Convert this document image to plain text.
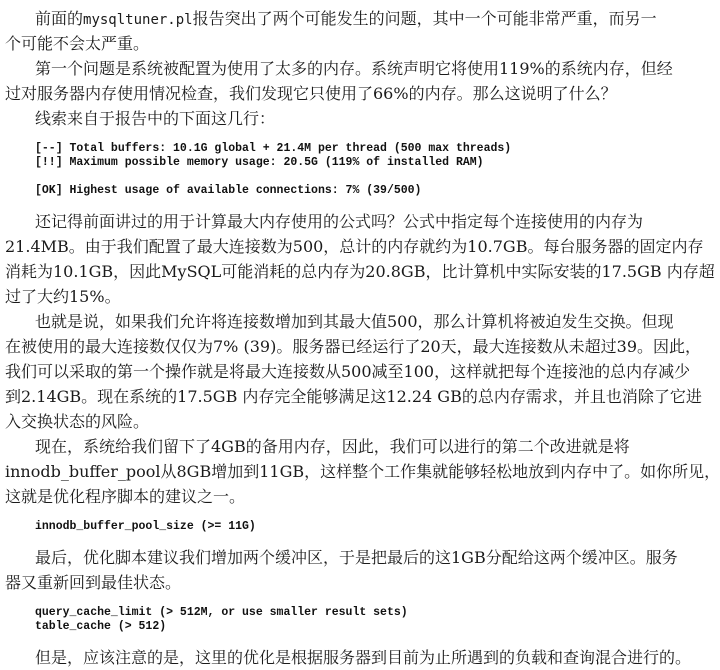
前面的mysqltuner.pl报告突出了两个可能发生的问题，其中一个可能非常严重，而另一
个可能不会太严重。
第一个问题是系统被配置为使用了太多的内存。系统声明它将使用119%的系统内存，但经
过对服务器内存使用情况检查，我们发现它只使用了66%的内存。那么这说明了什么？
线索来自于报告中的下面这几行：
[--] Total buffers: 10.1G global + 21.4M per thread (500 max threads)
[!!] Maximum possible memory usage: 20.5G (119% of installed RAM)
[OK] Highest usage of available connections: 7% (39/500)
还记得前面讲过的用于计算最大内存使用的公式吗？公式中指定每个连接使用的内存为
21.4MB。由于我们配置了最大连接数为500，总计的内存就约为10.7GB。每台服务器的固定内存
消耗为10.1GB，因此MySQL可能消耗的总内存为20.8GB，比计算机中实际安装的17.5GB 内存超
过了大约15%。
也就是说，如果我们允许将连接数增加到其最大值500，那么计算机将被迫发生交换。但现
在被使用的最大连接数仅仅为7% (39)。服务器已经运行了20天，最大连接数从未超过39。因此，
我们可以采取的第一个操作就是将最大连接数从500减至100，这样就把每个连接池的总内存减少
到2.14GB。现在系统的17.5GB 内存完全能够满足这12.24 GB的总内存需求，并且也消除了它进
入交换状态的风险。
现在，系统给我们留下了4GB的备用内存，因此，我们可以进行的第二个改进就是将
innodb_buffer_pool从8GB增加到11GB，这样整个工作集就能够轻松地放到内存中了。如你所见，
这就是优化程序脚本的建议之一。
innodb_buffer_pool_size (>= 11G)
最后，优化脚本建议我们增加两个缓冲区，于是把最后的这1GB分配给这两个缓冲区。服务
器又重新回到最佳状态。
query_cache_limit (> 512M, or use smaller result sets)
table_cache (> 512)
但是，应该注意的是，这里的优化是根据服务器到目前为止所遇到的负载和查询混合进行的。
